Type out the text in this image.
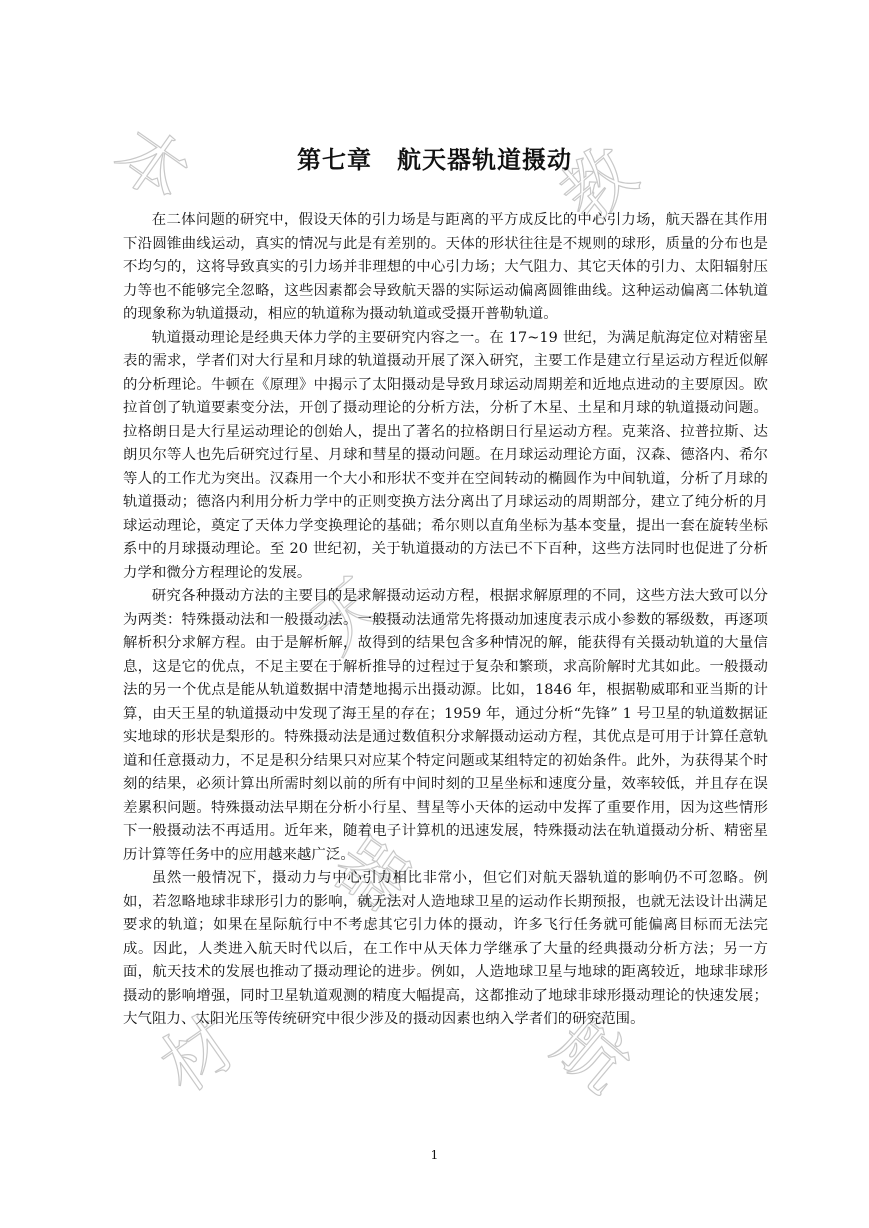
本	教
材	航
天
器
第七章　航天器轨道摄动

在二体问题的研究中，假设天体的引力场是与距离的平方成反比的中心引力场，航天器在其作用下沿圆锥曲线运动，真实的情况与此是有差别的。天体的形状往往是不规则的球形，质量的分布也是不均匀的，这将导致真实的引力场并非理想的中心引力场；大气阻力、其它天体的引力、太阳辐射压力等也不能够完全忽略，这些因素都会导致航天器的实际运动偏离圆锥曲线。这种运动偏离二体轨道的现象称为轨道摄动，相应的轨道称为摄动轨道或受摄开普勒轨道。

轨道摄动理论是经典天体力学的主要研究内容之一。在 17~19 世纪，为满足航海定位对精密星表的需求，学者们对大行星和月球的轨道摄动开展了深入研究，主要工作是建立行星运动方程近似解的分析理论。牛顿在《原理》中揭示了太阳摄动是导致月球运动周期差和近地点进动的主要原因。欧拉首创了轨道要素变分法，开创了摄动理论的分析方法，分析了木星、土星和月球的轨道摄动问题。拉格朗日是大行星运动理论的创始人，提出了著名的拉格朗日行星运动方程。克莱洛、拉普拉斯、达朗贝尔等人也先后研究过行星、月球和彗星的摄动问题。在月球运动理论方面，汉森、德洛内、希尔等人的工作尤为突出。汉森用一个大小和形状不变并在空间转动的椭圆作为中间轨道，分析了月球的轨道摄动；德洛内利用分析力学中的正则变换方法分离出了月球运动的周期部分，建立了纯分析的月球运动理论，奠定了天体力学变换理论的基础；希尔则以直角坐标为基本变量，提出一套在旋转坐标系中的月球摄动理论。至 20 世纪初，关于轨道摄动的方法已不下百种，这些方法同时也促进了分析力学和微分方程理论的发展。

研究各种摄动方法的主要目的是求解摄动运动方程，根据求解原理的不同，这些方法大致可以分为两类：特殊摄动法和一般摄动法。一般摄动法通常先将摄动加速度表示成小参数的幂级数，再逐项解析积分求解方程。由于是解析解，故得到的结果包含多种情况的解，能获得有关摄动轨道的大量信息，这是它的优点，不足主要在于解析推导的过程过于复杂和繁琐，求高阶解时尤其如此。一般摄动法的另一个优点是能从轨道数据中清楚地揭示出摄动源。比如，1846 年，根据勒威耶和亚当斯的计算，由天王星的轨道摄动中发现了海王星的存在；1959 年，通过分析“先锋” 1 号卫星的轨道数据证实地球的形状是梨形的。特殊摄动法是通过数值积分求解摄动运动方程，其优点是可用于计算任意轨道和任意摄动力，不足是积分结果只对应某个特定问题或某组特定的初始条件。此外，为获得某个时刻的结果，必须计算出所需时刻以前的所有中间时刻的卫星坐标和速度分量，效率较低，并且存在误差累积问题。特殊摄动法早期在分析小行星、彗星等小天体的运动中发挥了重要作用，因为这些情形下一般摄动法不再适用。近年来，随着电子计算机的迅速发展，特殊摄动法在轨道摄动分析、精密星历计算等任务中的应用越来越广泛。

虽然一般情况下，摄动力与中心引力相比非常小，但它们对航天器轨道的影响仍不可忽略。例如，若忽略地球非球形引力的影响，就无法对人造地球卫星的运动作长期预报，也就无法设计出满足要求的轨道；如果在星际航行中不考虑其它引力体的摄动，许多飞行任务就可能偏离目标而无法完成。因此，人类进入航天时代以后，在工作中从天体力学继承了大量的经典摄动分析方法；另一方面，航天技术的发展也推动了摄动理论的进步。例如，人造地球卫星与地球的距离较近，地球非球形摄动的影响增强，同时卫星轨道观测的精度大幅提高，这都推动了地球非球形摄动理论的快速发展；大气阻力、太阳光压等传统研究中很少涉及的摄动因素也纳入学者们的研究范围。

1
